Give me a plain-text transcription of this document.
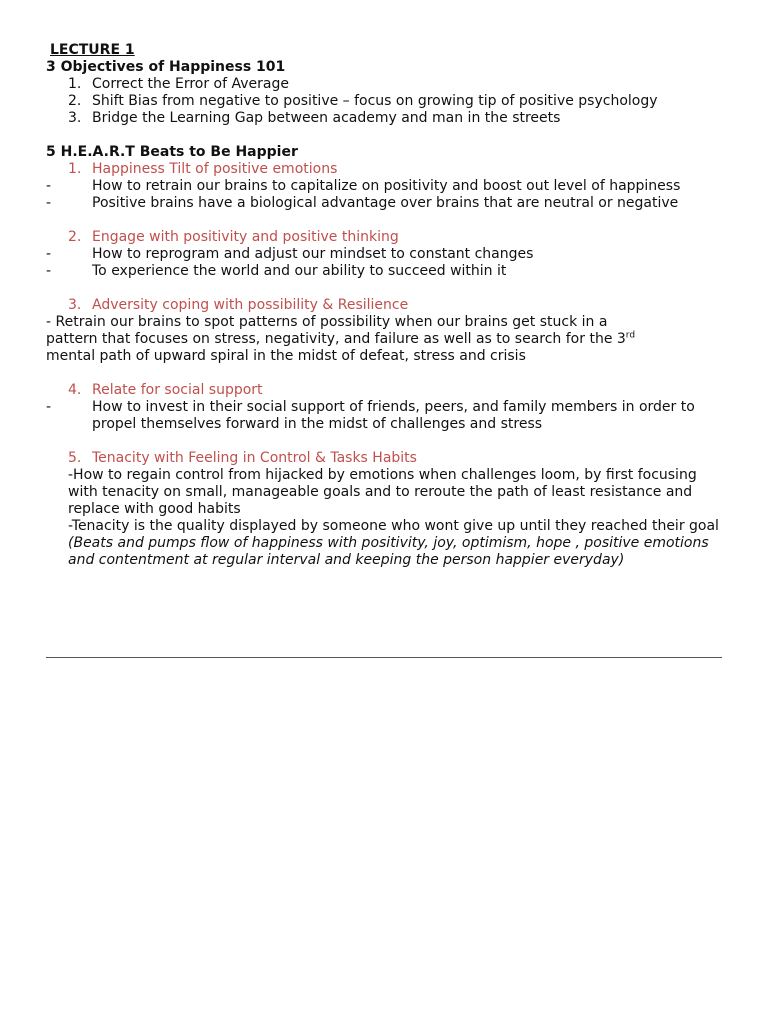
LECTURE 1
3 Objectives of Happiness 101
1. Correct the Error of Average
2. Shift Bias from negative to positive – focus on growing tip of positive psychology
3. Bridge the Learning Gap between academy and man in the streets
5 H.E.A.R.T Beats to Be Happier
1. Happiness Tilt of positive emotions
-	How to retrain our brains to capitalize on positivity and boost out level of happiness
-	Positive brains have a biological advantage over brains that are neutral or negative
2. Engage with positivity and positive thinking
-	How to reprogram and adjust our mindset to constant changes
-	To experience the world and our ability to succeed within it
3. Adversity coping with possibility & Resilience
- Retrain our brains to spot patterns of possibility when our brains get stuck in a
pattern that focuses on stress, negativity, and failure as well as to search for the 3rd
mental path of upward spiral in the midst of defeat, stress and crisis
4. Relate for social support
-	How to invest in their social support of friends, peers, and family members in order to propel themselves forward in the midst of challenges and stress
5. Tenacity with Feeling in Control & Tasks Habits
-How to regain control from hijacked by emotions when challenges loom, by first focusing with tenacity on small, manageable goals and to reroute the path of least resistance and replace with good habits
-Tenacity is the quality displayed by someone who wont give up until they reached their goal
(Beats and pumps flow of happiness with positivity, joy, optimism, hope , positive emotions and contentment at regular interval and keeping the person happier everyday)
